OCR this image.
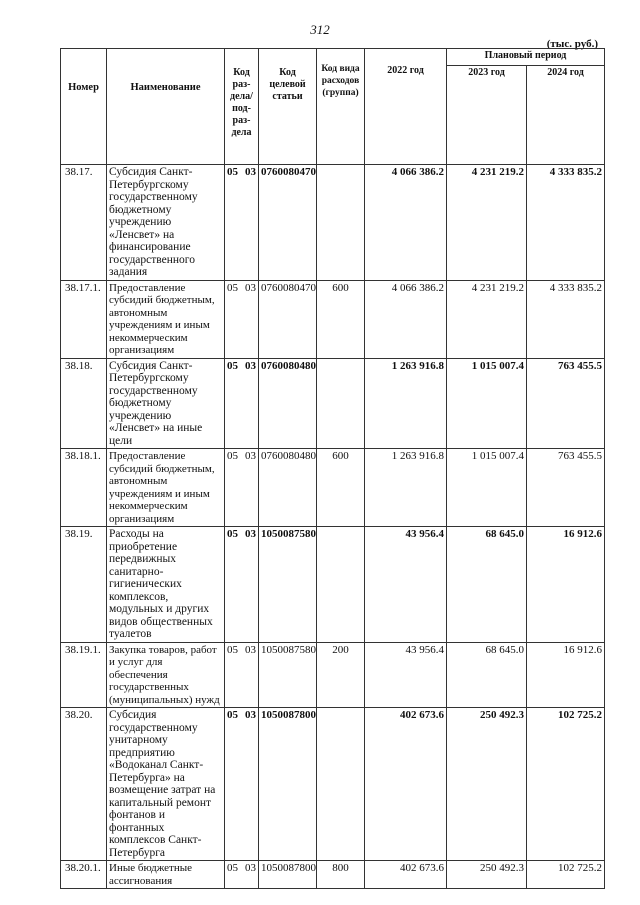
312
(тыс. руб.)
Номер	Наименование	Код раз-дела/под-раз-дела	Код целевой статьи	Код вида расходов (группа)	2022 год	Плановый период	
						2023 год	2024 год
38.17.	Субсидия Санкт-Петербургскому государственному бюджетному учреждению «Ленсвет» на финансирование государственного задания	05 03	0760080470		4 066 386.2	4 231 219.2	4 333 835.2
38.17.1.	Предоставление субсидий бюджетным, автономным учреждениям и иным некоммерческим организациям	05 03	0760080470	600	4 066 386.2	4 231 219.2	4 333 835.2
38.18.	Субсидия Санкт-Петербургскому государственному бюджетному учреждению «Ленсвет» на иные цели	05 03	0760080480		1 263 916.8	1 015 007.4	763 455.5
38.18.1.	Предоставление субсидий бюджетным, автономным учреждениям и иным некоммерческим организациям	05 03	0760080480	600	1 263 916.8	1 015 007.4	763 455.5
38.19.	Расходы на приобретение передвижных санитарно-гигиенических комплексов, модульных и других видов общественных туалетов	05 03	1050087580		43 956.4	68 645.0	16 912.6
38.19.1.	Закупка товаров, работ и услуг для обеспечения государственных (муниципальных) нужд	05 03	1050087580	200	43 956.4	68 645.0	16 912.6
38.20.	Субсидия государственному унитарному предприятию «Водоканал Санкт-Петербурга» на возмещение затрат на капитальный ремонт фонтанов и фонтанных комплексов Санкт-Петербурга	05 03	1050087800		402 673.6	250 492.3	102 725.2
38.20.1.	Иные бюджетные ассигнования	05 03	1050087800	800	402 673.6	250 492.3	102 725.2
